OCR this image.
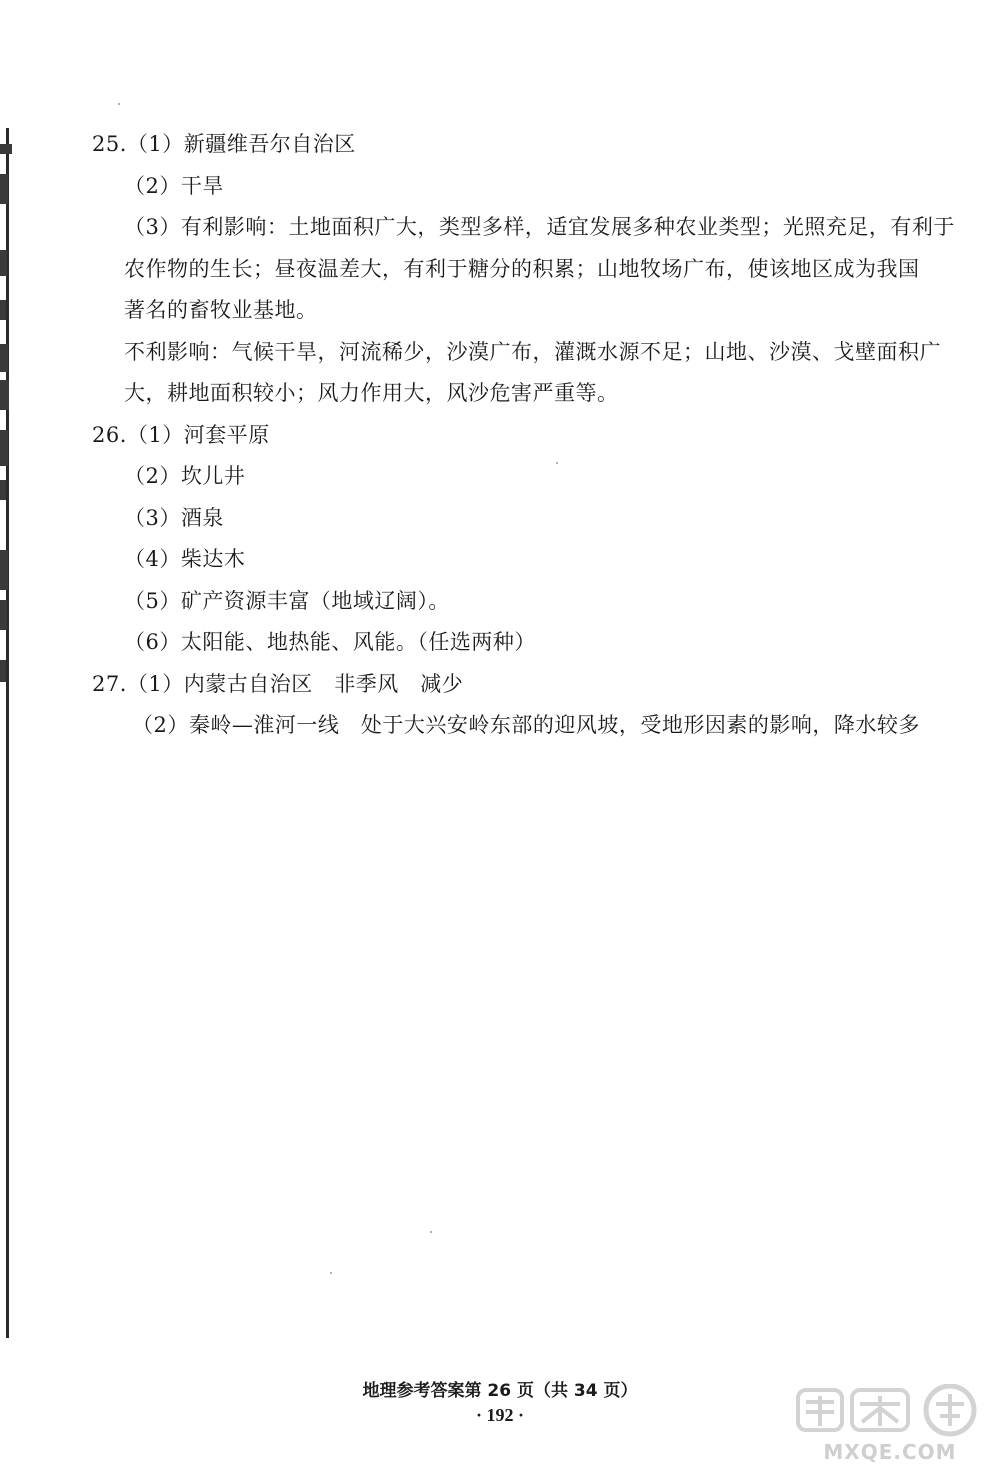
25.（1）新疆维吾尔自治区
（2）干旱
（3）有利影响：土地面积广大，类型多样，适宜发展多种农业类型；光照充足，有利于
农作物的生长；昼夜温差大，有利于糖分的积累；山地牧场广布，使该地区成为我国
著名的畜牧业基地。
不利影响：气候干旱，河流稀少，沙漠广布，灌溉水源不足；山地、沙漠、戈壁面积广
大，耕地面积较小；风力作用大，风沙危害严重等。
26.（1）河套平原
（2）坎儿井
（3）酒泉
（4）柴达木
（5）矿产资源丰富（地域辽阔）。
（6）太阳能、地热能、风能。（任选两种）
27.（1）内蒙古自治区　非季风　减少
（2）秦岭—淮河一线　处于大兴安岭东部的迎风坡，受地形因素的影响，降水较多
地理参考答案第 26 页（共 34 页）
· 192 ·
MXQE.COM
